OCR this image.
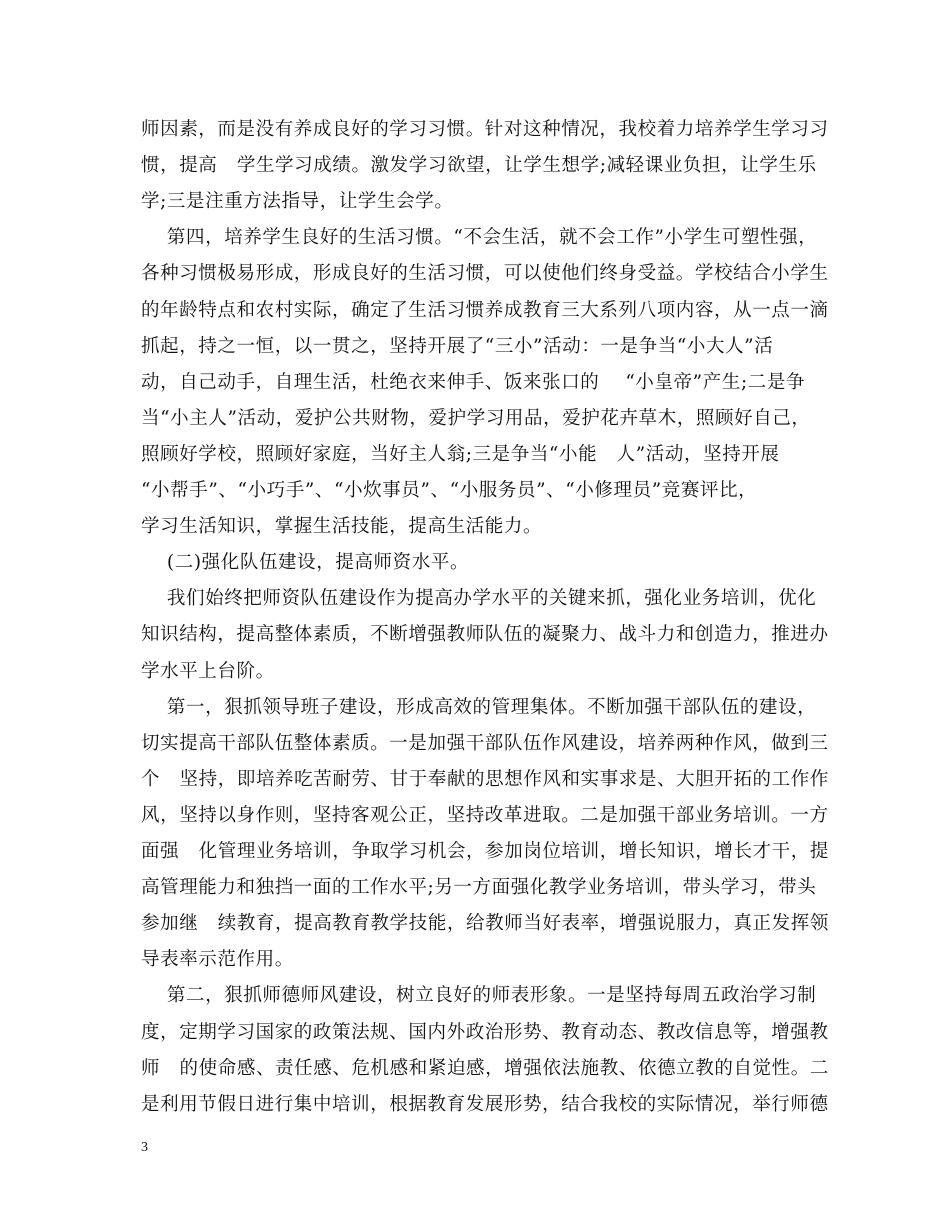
师因素，而是没有养成良好的学习习惯。针对这种情况，我校着力培养学生学习习
惯，提高   学生学习成绩。激发学习欲望，让学生想学;减轻课业负担，让学生乐
学;三是注重方法指导，让学生会学。
第四，培养学生良好的生活习惯。“不会生活，就不会工作”小学生可塑性强，
各种习惯极易形成，形成良好的生活习惯，可以使他们终身受益。学校结合小学生
的年龄特点和农村实际，确定了生活习惯养成教育三大系列八项内容，从一点一滴
抓起，持之一恒，以一贯之，坚持开展了“三小”活动：一是争当“小大人”活
动，自己动手，自理生活，杜绝衣来伸手、饭来张口的    “小皇帝”产生;二是争
当“小主人”活动，爱护公共财物，爱护学习用品，爱护花卉草木，照顾好自己，
照顾好学校，照顾好家庭，当好主人翁;三是争当“小能   人”活动，坚持开展
“小帮手”、“小巧手”、“小炊事员”、“小服务员”、“小修理员”竞赛评比，
学习生活知识，掌握生活技能，提高生活能力。
(二)强化队伍建设，提高师资水平。
我们始终把师资队伍建设作为提高办学水平的关键来抓，强化业务培训，优化
知识结构，提高整体素质，不断增强教师队伍的凝聚力、战斗力和创造力，推进办
学水平上台阶。
第一，狠抓领导班子建设，形成高效的管理集体。不断加强干部队伍的建设，
切实提高干部队伍整体素质。一是加强干部队伍作风建设，培养两种作风，做到三
个   坚持，即培养吃苦耐劳、甘于奉献的思想作风和实事求是、大胆开拓的工作作
风，坚持以身作则，坚持客观公正，坚持改革进取。二是加强干部业务培训。一方
面强   化管理业务培训，争取学习机会，参加岗位培训，增长知识，增长才干，提
高管理能力和独挡一面的工作水平;另一方面强化教学业务培训，带头学习，带头
参加继   续教育，提高教育教学技能，给教师当好表率，增强说服力，真正发挥领
导表率示范作用。
第二，狠抓师德师风建设，树立良好的师表形象。一是坚持每周五政治学习制
度，定期学习国家的政策法规、国内外政治形势、教育动态、教改信息等，增强教
师   的使命感、责任感、危机感和紧迫感，增强依法施教、依德立教的自觉性。二
是利用节假日进行集中培训，根据教育发展形势，结合我校的实际情况，举行师德
3
